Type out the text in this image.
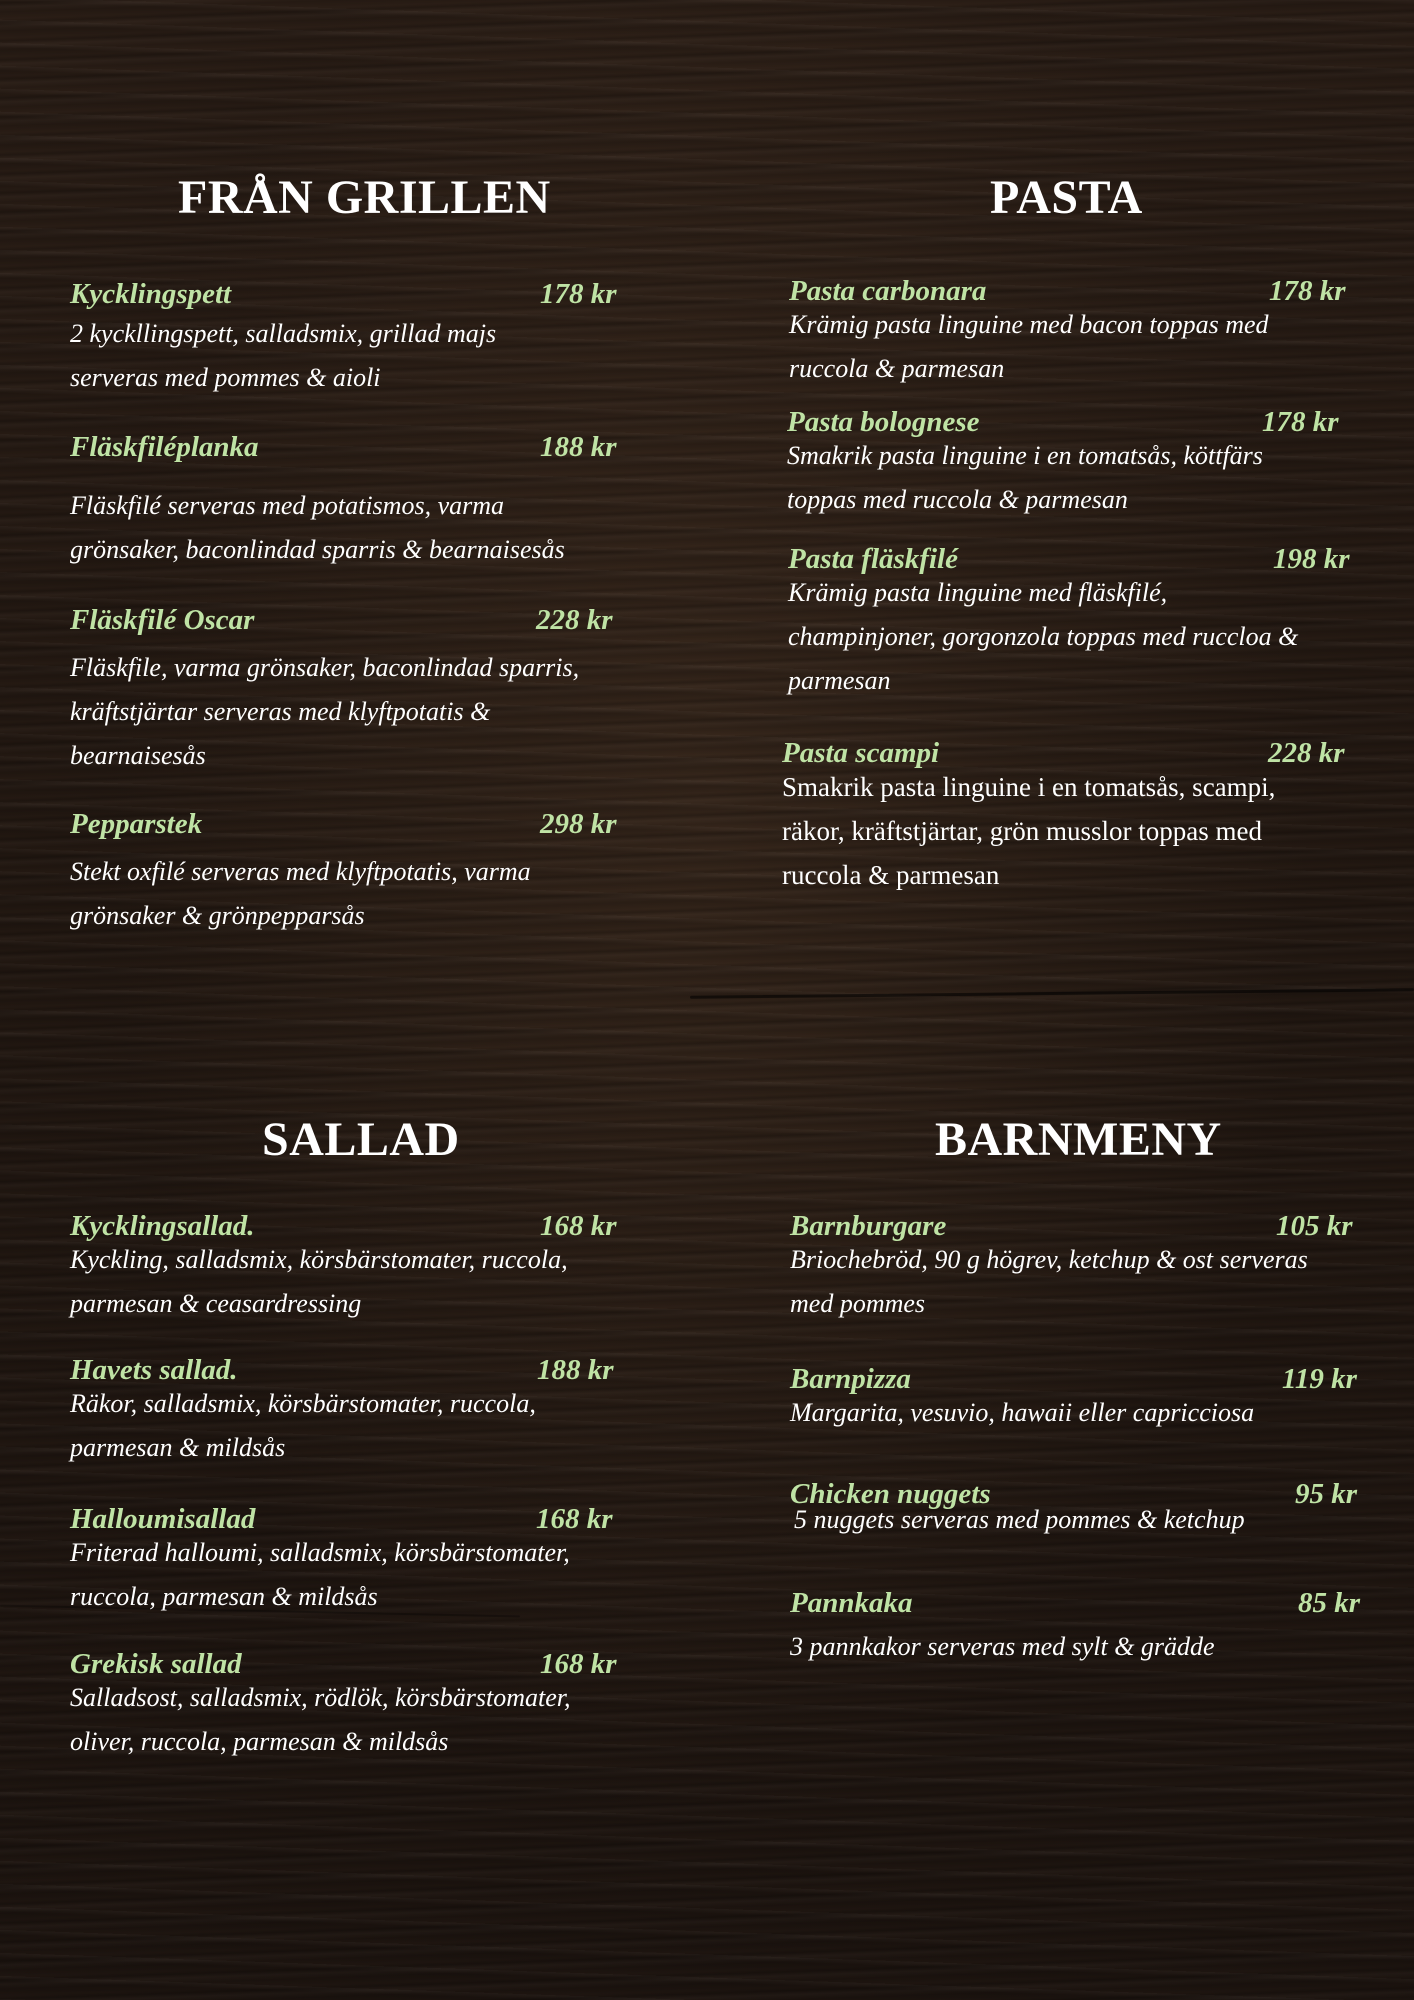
FRÅN GRILLEN
Kycklingspett	178 kr
2 kyckllingspett, salladsmix, grillad majs
serveras med pommes & aioli
Fläskfiléplanka	188 kr
Fläskfilé serveras med potatismos, varma
grönsaker, baconlindad sparris & bearnaisesås
Fläskfilé Oscar	228 kr
Fläskfile, varma grönsaker, baconlindad sparris,
kräftstjärtar serveras med klyftpotatis &
bearnaisesås
Pepparstek	298 kr
Stekt oxfilé serveras med klyftpotatis, varma
grönsaker & grönpepparsås
PASTA
Pasta carbonara	178 kr
Krämig pasta linguine med bacon toppas med
ruccola & parmesan
Pasta bolognese	178 kr
Smakrik pasta linguine i en tomatsås, köttfärs
toppas med ruccola & parmesan
Pasta fläskfilé	198 kr
Krämig pasta linguine med fläskfilé,
champinjoner, gorgonzola toppas med ruccloa &
parmesan
Pasta scampi	228 kr
Smakrik pasta linguine i en tomatsås, scampi,
räkor, kräftstjärtar, grön musslor toppas med
ruccola & parmesan
SALLAD
Kycklingsallad.	168 kr
Kyckling, salladsmix, körsbärstomater, ruccola,
parmesan & ceasardressing
Havets sallad.	188 kr
Räkor, salladsmix, körsbärstomater, ruccola,
parmesan & mildsås
Halloumisallad	168 kr
Friterad halloumi, salladsmix, körsbärstomater,
ruccola, parmesan & mildsås
Grekisk sallad	168 kr
Salladsost, salladsmix, rödlök, körsbärstomater,
oliver, ruccola, parmesan & mildsås
BARNMENY
Barnburgare	105 kr
Briochebröd, 90 g högrev, ketchup & ost serveras
med pommes
Barnpizza	119 kr
Margarita, vesuvio, hawaii eller capricciosa
Chicken nuggets	95 kr
5 nuggets serveras med pommes & ketchup
Pannkaka	85 kr
3 pannkakor serveras med sylt & grädde
